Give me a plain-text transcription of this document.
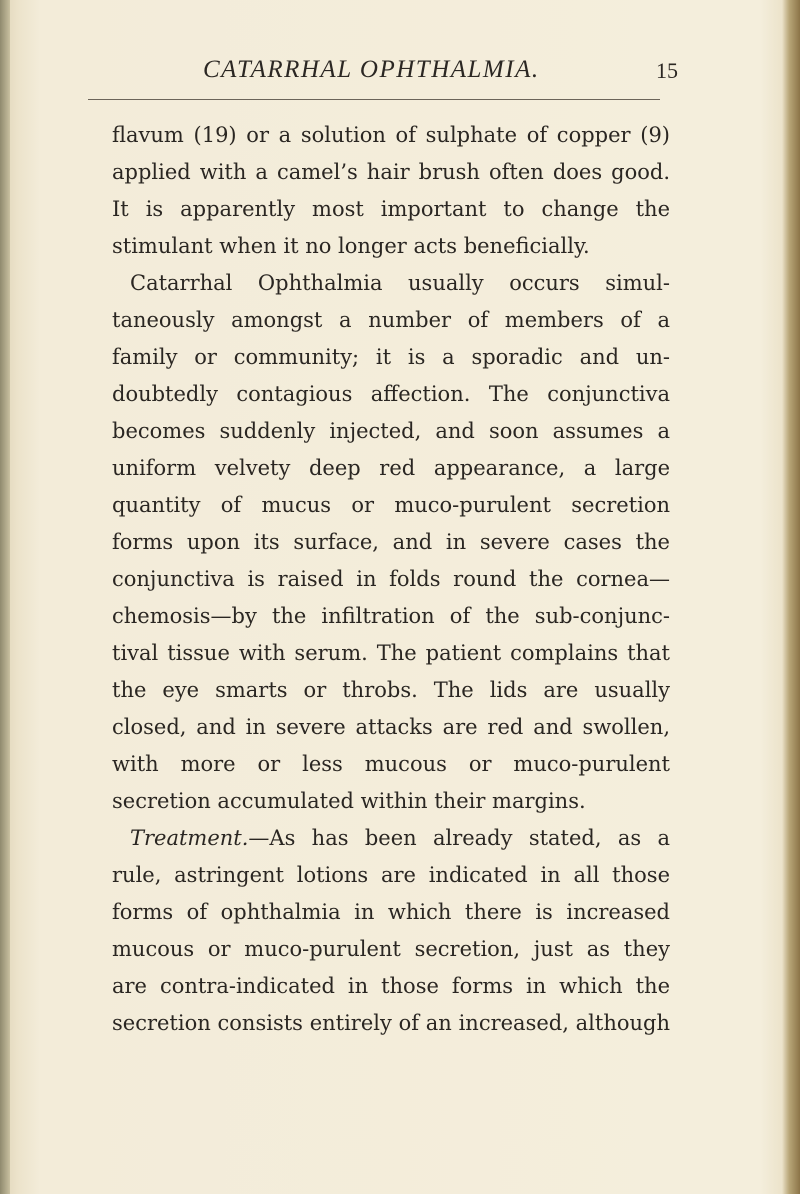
CATARRHAL OPHTHALMIA.	15
flavum (19) or a solution of sulphate of copper (9)
applied with a camel’s hair brush often does good.
It is apparently most important to change the
stimulant when it no longer acts beneficially.
Catarrhal Ophthalmia usually occurs simul-
taneously amongst a number of members of a
family or community; it is a sporadic and un-
doubtedly contagious affection. The conjunctiva
becomes suddenly injected, and soon assumes a
uniform velvety deep red appearance, a large
quantity of mucus or muco-purulent secretion
forms upon its surface, and in severe cases the
conjunctiva is raised in folds round the cornea—
chemosis—by the infiltration of the sub-conjunc-
tival tissue with serum. The patient complains that
the eye smarts or throbs. The lids are usually
closed, and in severe attacks are red and swollen,
with more or less mucous or muco-purulent
secretion accumulated within their margins.
Treatment.—As has been already stated, as a
rule, astringent lotions are indicated in all those
forms of ophthalmia in which there is increased
mucous or muco-purulent secretion, just as they
are contra-indicated in those forms in which the
secretion consists entirely of an increased, although
